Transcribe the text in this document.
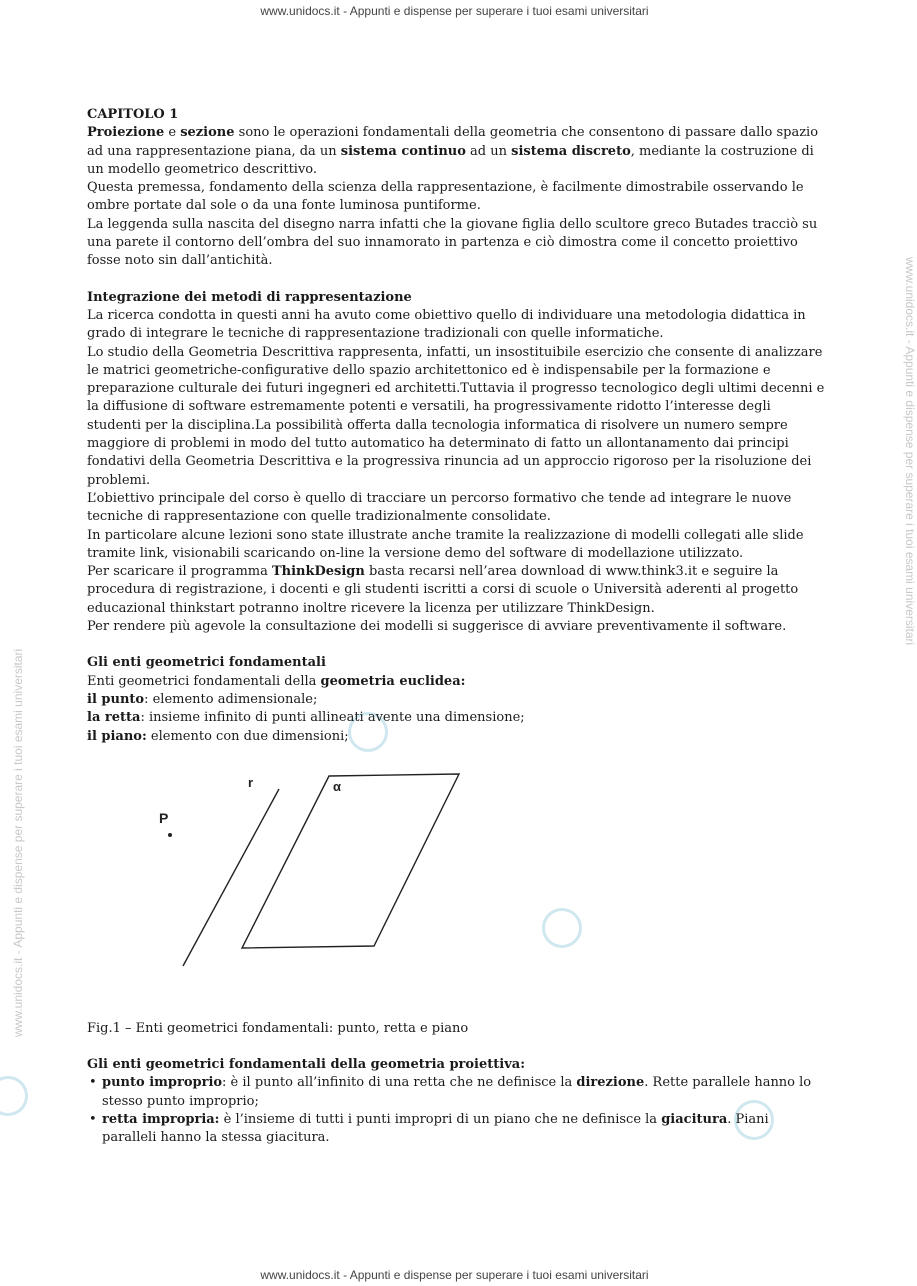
www.unidocs.it - Appunti e dispense per superare i tuoi esami universitari
www.unidocs.it - Appunti e dispense per superare i tuoi esami universitari
www.unidocs.it - Appunti e dispense per superare i tuoi esami universitari

CAPITOLO 1

Proiezione e sezione sono le operazioni fondamentali della geometria che consentono di passare dallo spazio ad una rappresentazione piana, da un sistema continuo ad un sistema discreto, mediante la costruzione di un modello geometrico descrittivo.

Questa premessa, fondamento della scienza della rappresentazione, è facilmente dimostrabile osservando le ombre portate dal sole o da una fonte luminosa puntiforme.

La leggenda sulla nascita del disegno narra infatti che la giovane figlia dello scultore greco Butades tracciò su una parete il contorno dell’ombra del suo innamorato in partenza e ciò dimostra come il concetto proiettivo fosse noto sin dall’antichità.

Integrazione dei metodi di rappresentazione

La ricerca condotta in questi anni ha avuto come obiettivo quello di individuare una metodologia didattica in grado di integrare le tecniche di rappresentazione tradizionali con quelle informatiche.

Lo studio della Geometria Descrittiva rappresenta, infatti, un insostituibile esercizio che consente di analizzare le matrici geometriche-configurative dello spazio architettonico ed è indispensabile per la formazione e preparazione culturale dei futuri ingegneri ed architetti.Tuttavia il progresso tecnologico degli ultimi decenni e la diffusione di software estremamente potenti e versatili, ha progressivamente ridotto l’interesse degli studenti per la disciplina.La possibilità offerta dalla tecnologia informatica di risolvere un numero sempre maggiore di problemi in modo del tutto automatico ha determinato di fatto un allontanamento dai principi fondativi della Geometria Descrittiva e la progressiva rinuncia ad un approccio rigoroso per la risoluzione dei problemi.

L’obiettivo principale del corso è quello di tracciare un percorso formativo che tende ad integrare le nuove tecniche di rappresentazione con quelle tradizionalmente consolidate.

In particolare alcune lezioni sono state illustrate anche tramite la realizzazione di modelli collegati alle slide tramite link, visionabili scaricando on-line la versione demo del software di modellazione utilizzato.

Per scaricare il programma ThinkDesign basta recarsi nell’area download di www.think3.it e seguire la procedura di registrazione, i docenti e gli studenti iscritti a corsi di scuole o Università aderenti al progetto educazional thinkstart potranno inoltre ricevere la licenza per utilizzare ThinkDesign.

Per rendere più agevole la consultazione dei modelli si suggerisce di avviare preventivamente il software.

Gli enti geometrici fondamentali

Enti geometrici fondamentali della geometria euclidea:

il punto: elemento adimensionale;

la retta: insieme infinito di punti allineati avente una dimensione;

il piano: elemento con due dimensioni;

P
r	α

Fig.1 – Enti geometrici fondamentali: punto, retta e piano

Gli enti geometrici fondamentali della geometria proiettiva:

• punto improprio: è il punto all’infinito di una retta che ne definisce la direzione. Rette parallele hanno lo stesso punto improprio;
• retta impropria: è l’insieme di tutti i punti impropri di un piano che ne definisce la giacitura. Piani paralleli hanno la stessa giacitura.
www.unidocs.it - Appunti e dispense per superare i tuoi esami universitari
